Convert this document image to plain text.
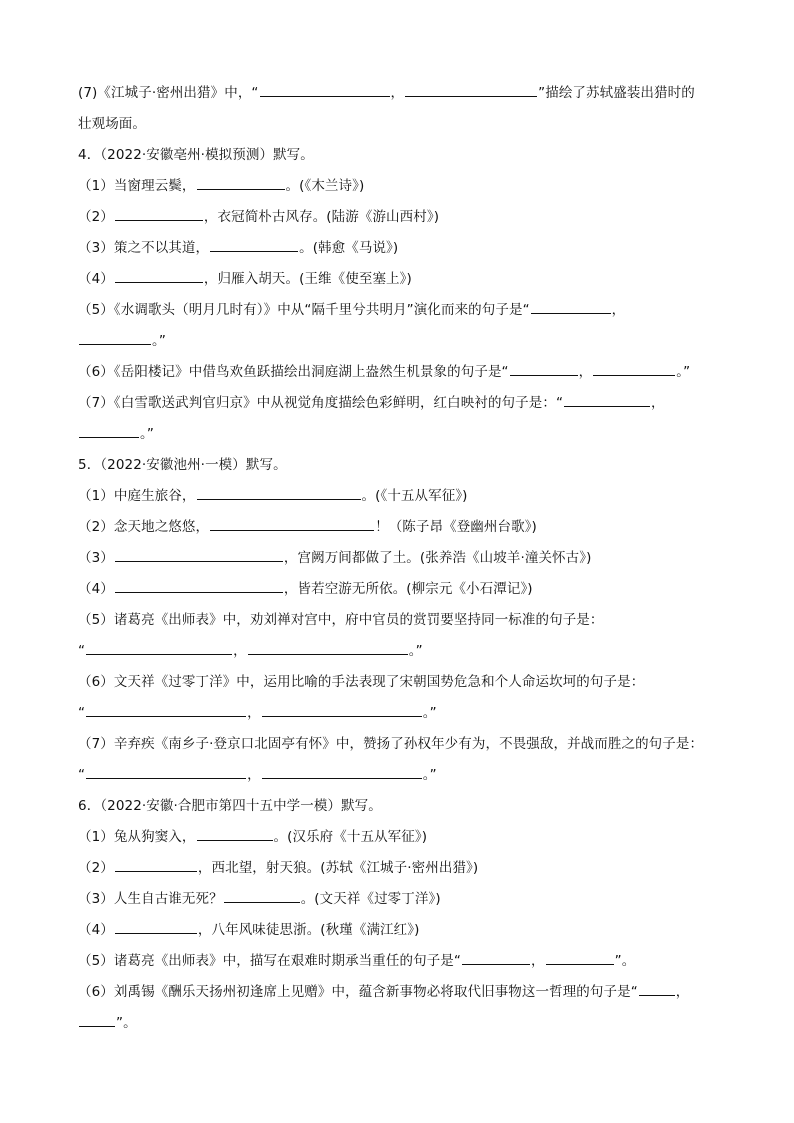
(7)《江城子·密州出猎》中，“	，	”描绘了苏轼盛装出猎时的
壮观场面。
4．（2022·安徽亳州·模拟预测）默写。
（1）当窗理云鬓，	。(《木兰诗》)
（2）	，衣冠简朴古风存。(陆游《游山西村》)
（3）策之不以其道，	。(韩愈《马说》)
（4）	，归雁入胡天。(王维《使至塞上》)
（5）《水调歌头（明月几时有）》中从“隔千里兮共明月”演化而来的句子是“	，
。”
（6）《岳阳楼记》中借鸟欢鱼跃描绘出洞庭湖上盎然生机景象的句子是“	，	。”
（7）《白雪歌送武判官归京》中从视觉角度描绘色彩鲜明，红白映衬的句子是：“	，
。”
5．（2022·安徽池州·一模）默写。
（1）中庭生旅谷，	。(《十五从军征》)
（2）念天地之悠悠，	！（陈子昂《登幽州台歌》)
（3）	，宫阙万间都做了土。(张养浩《山坡羊·潼关怀古》)
（4）	，皆若空游无所依。(柳宗元《小石潭记》)
（5）诸葛亮《出师表》中，劝刘禅对宫中，府中官员的赏罚要坚持同一标准的句子是：
“	，	。”
（6）文天祥《过零丁洋》中，运用比喻的手法表现了宋朝国势危急和个人命运坎坷的句子是：
“	，	。”
（7）辛弃疾《南乡子·登京口北固亭有怀》中，赞扬了孙权年少有为，不畏强敌，并战而胜之的句子是：
“	，	。”
6．（2022·安徽·合肥市第四十五中学一模）默写。
（1）兔从狗窦入，	。(汉乐府《十五从军征》)
（2）	，西北望，射天狼。(苏轼《江城子·密州出猎》)
（3）人生自古谁无死？	。(文天祥《过零丁洋》)
（4）	，八年风味徒思浙。(秋瑾《满江红》)
（5）诸葛亮《出师表》中，描写在艰难时期承当重任的句子是“	，	”。
（6）刘禹锡《酬乐天扬州初逢席上见赠》中，蕴含新事物必将取代旧事物这一哲理的句子是“	，
”。
